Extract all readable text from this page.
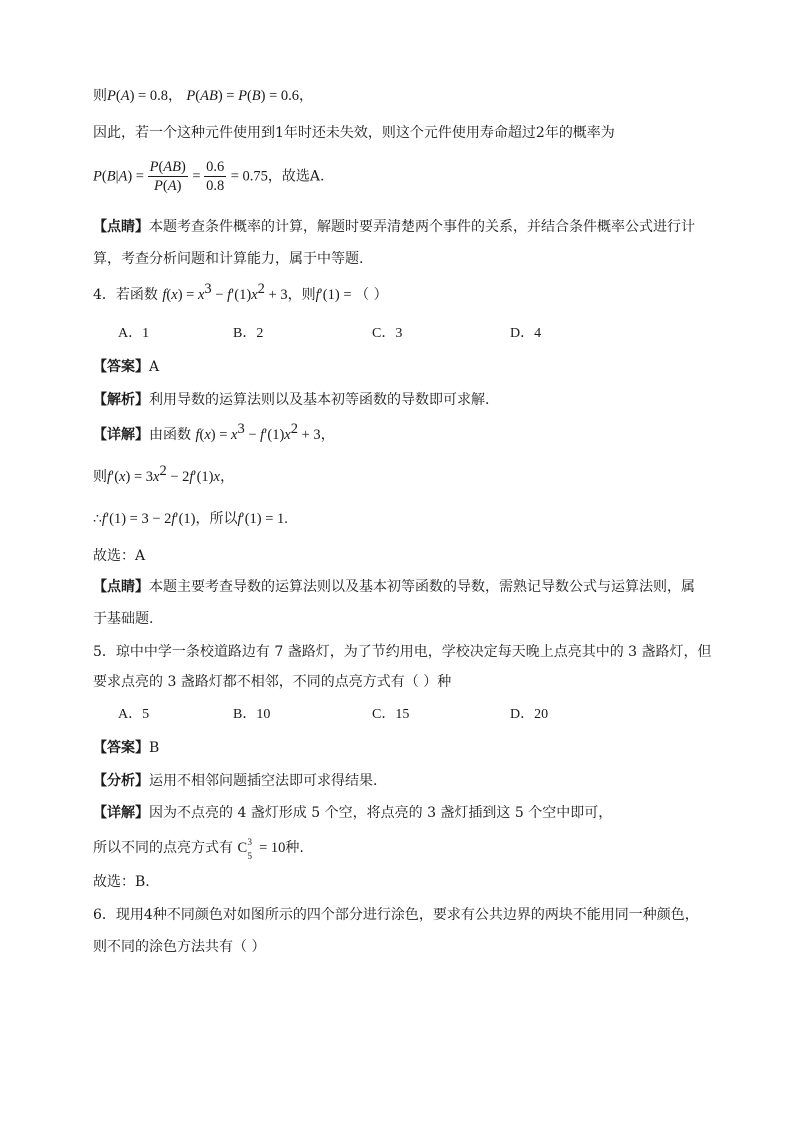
则P(A) = 0.8， P(AB) = P(B) = 0.6，
因此，若一个这种元件使用到1年时还未失效，则这个元件使用寿命超过2年的概率为
$P(B|A) = \frac{P(AB)}{P(A)} = \frac{0.6}{0.8} = 0.75$，故选A.
【点睛】本题考查条件概率的计算，解题时要弄清楚两个事件的关系，并结合条件概率公式进行计
算，考查分析问题和计算能力，属于中等题.
4．若函数 $f(x) = x^3 - f'(1)x^2 + 3$，则f′(1) = （ ）
A．1	B．2	C．3	D．4
【答案】A
【解析】利用导数的运算法则以及基本初等函数的导数即可求解.
【详解】由函数 $f(x) = x^3 - f'(1)x^2 + 3$，
则$f'(x) = 3x^2 - 2f'(1)x$，
∴f′(1) = 3 − 2f′(1)，所以f′(1) = 1.
故选：A
【点睛】本题主要考查导数的运算法则以及基本初等函数的导数，需熟记导数公式与运算法则，属
于基础题.
5．琼中中学一条校道路边有 7 盏路灯，为了节约用电，学校决定每天晚上点亮其中的 3 盏路灯，但
要求点亮的 3 盏路灯都不相邻，不同的点亮方式有（ ）种
A．5	B．10	C．15	D．20
【答案】B
【分析】运用不相邻问题插空法即可求得结果.
【详解】因为不点亮的 4 盏灯形成 5 个空，将点亮的 3 盏灯插到这 5 个空中即可，
所以不同的点亮方式有 C 3
5 = 10种.
故选：B.
6．现用4种不同颜色对如图所示的四个部分进行涂色，要求有公共边界的两块不能用同一种颜色，
则不同的涂色方法共有（ ）
